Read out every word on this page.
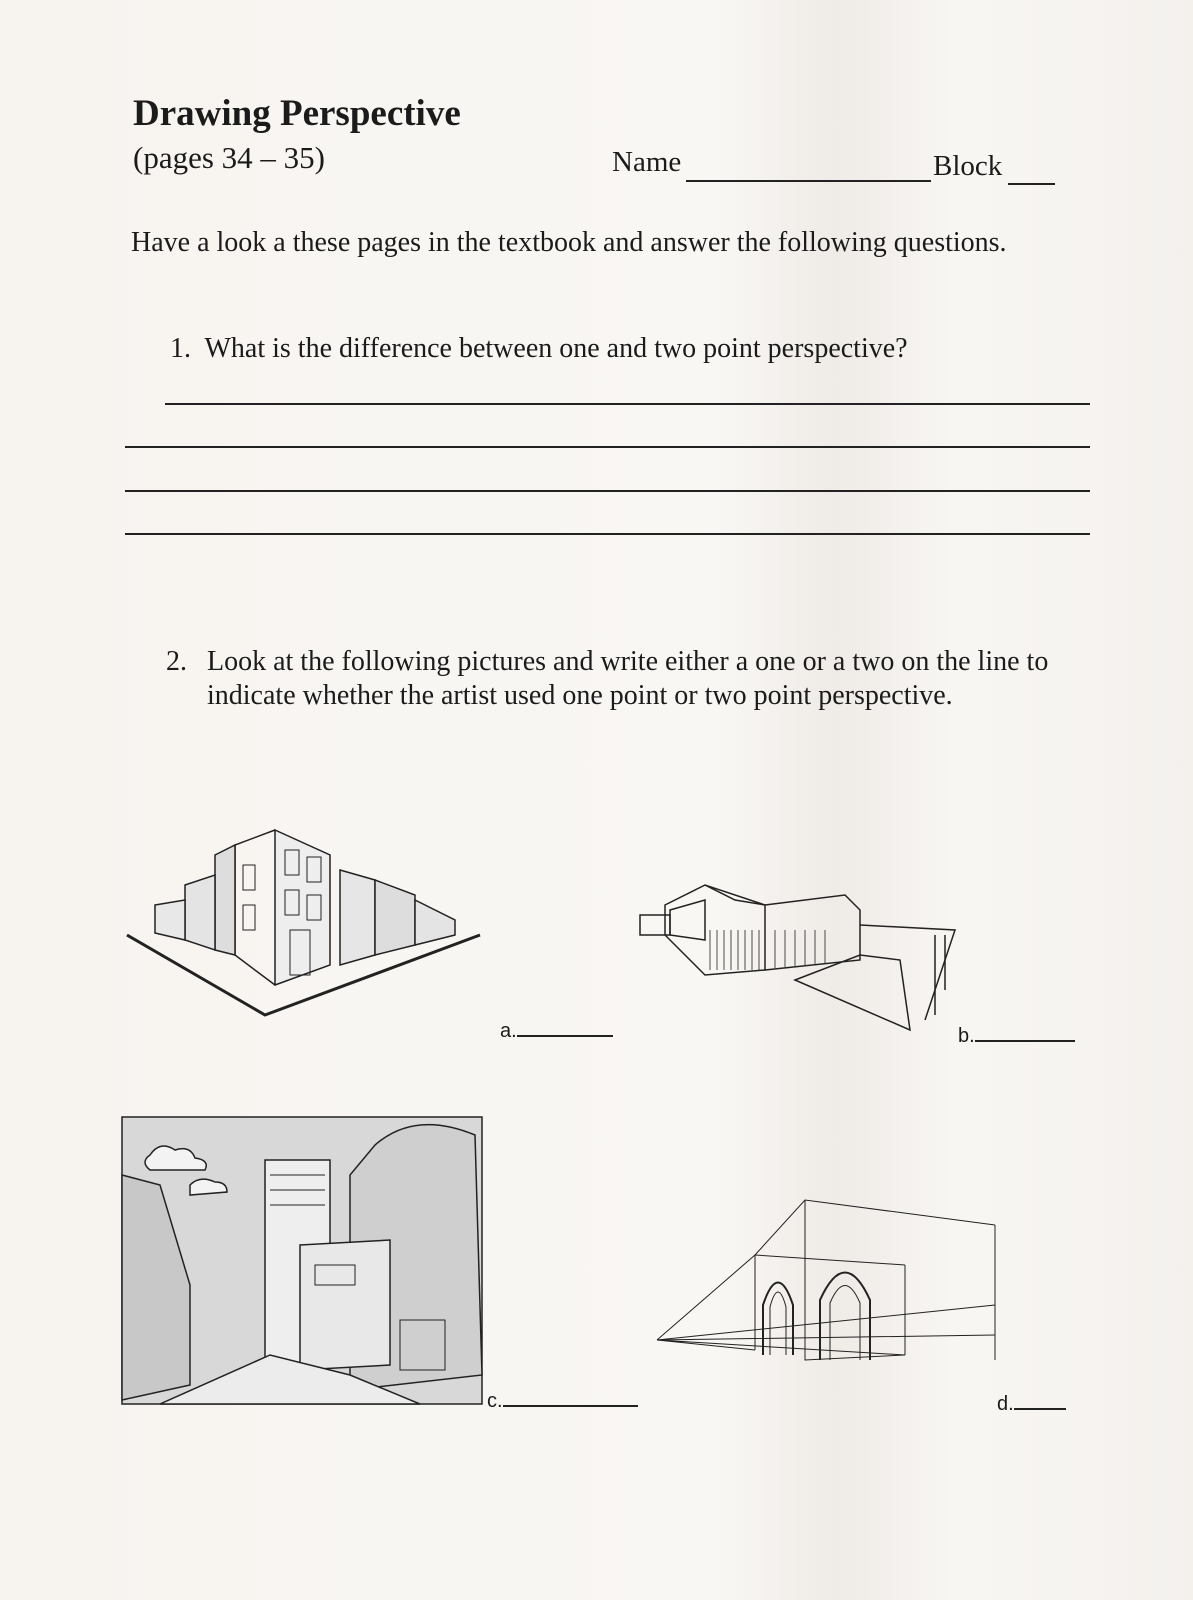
Drawing Perspective
(pages 34 – 35)	Name	Block
Have a look a these pages in the textbook and answer the following questions.
1. What is the difference between one and two point perspective?
2. Look at the following pictures and write either a one or a two on the line to indicate whether the artist used one point or two point perspective.
a.	b.
c.	d.
